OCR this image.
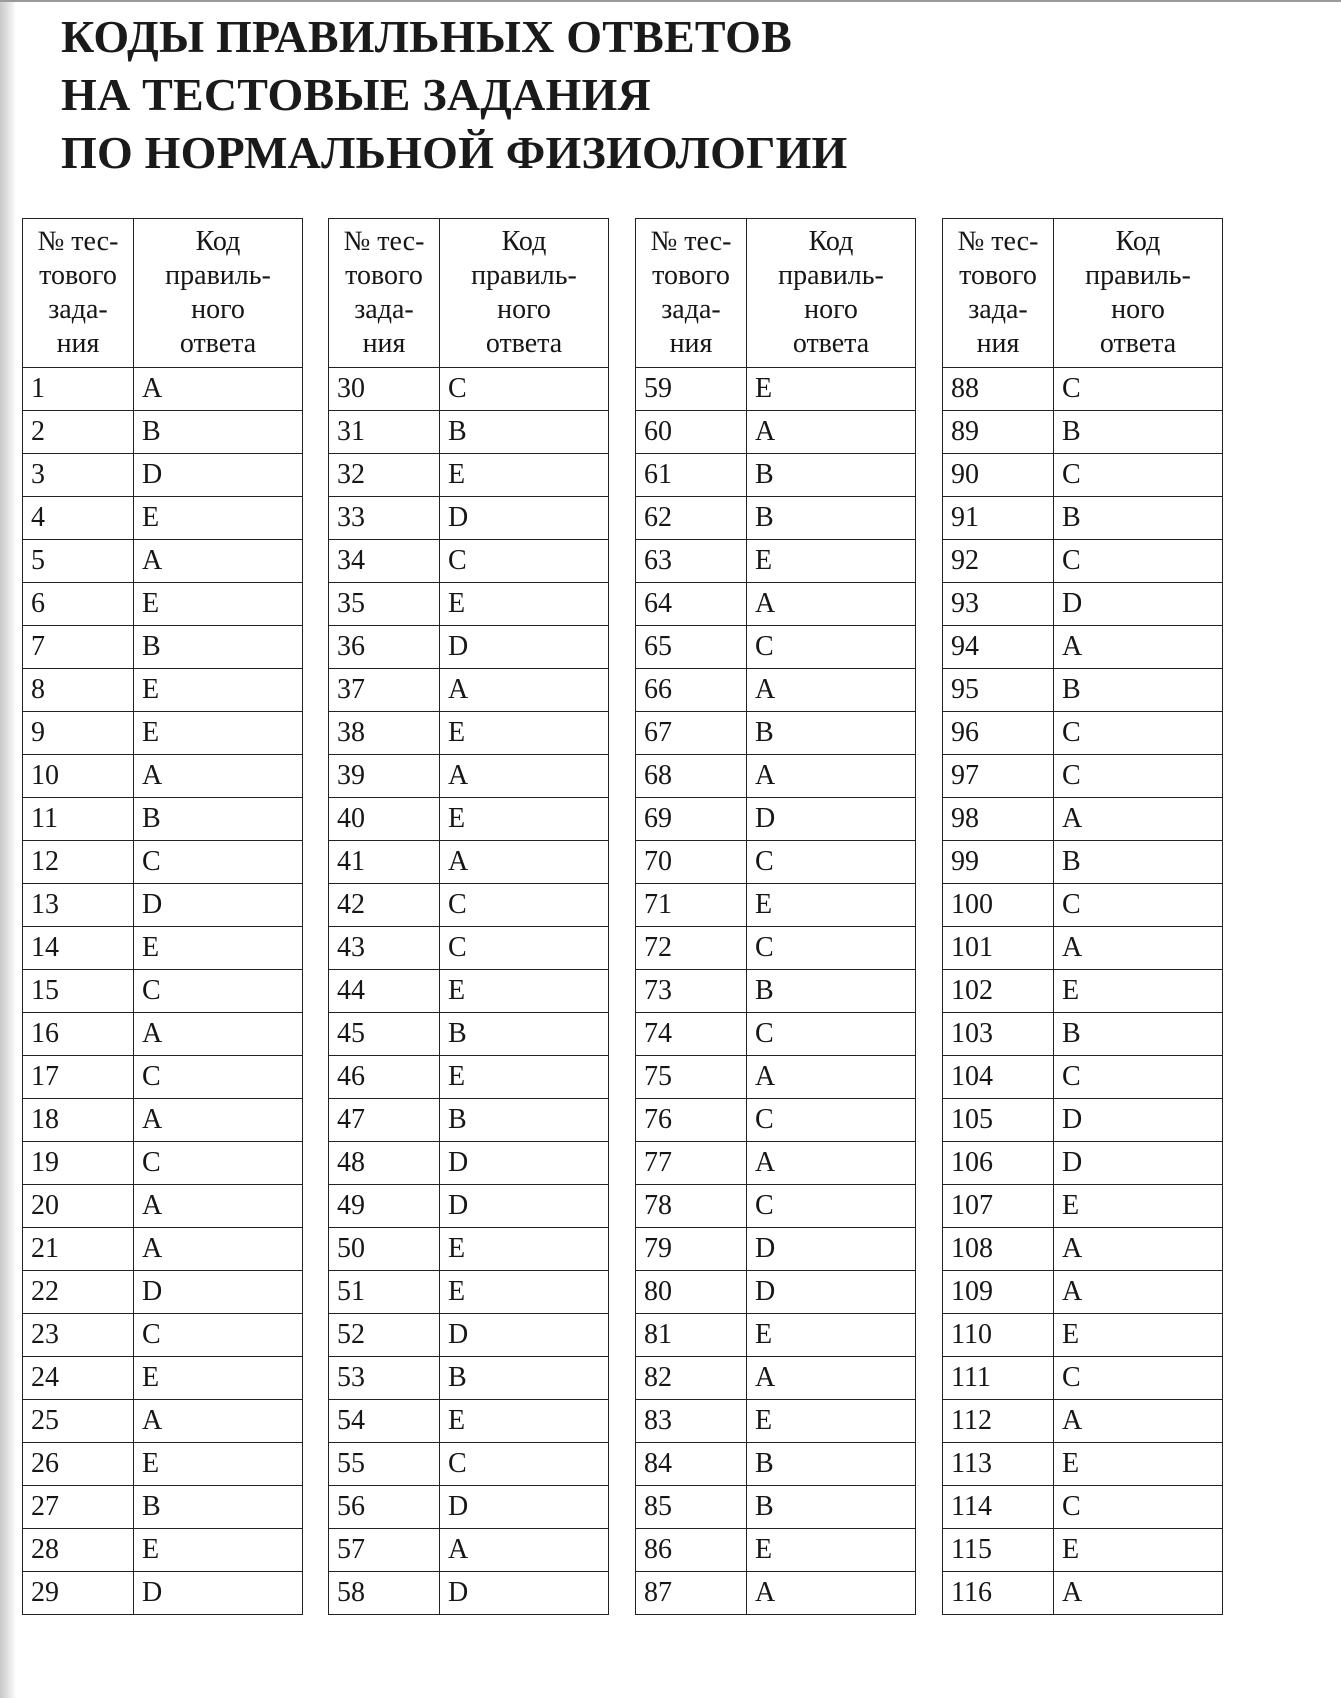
КОДЫ ПРАВИЛЬНЫХ ОТВЕТОВ
НА ТЕСТОВЫЕ ЗАДАНИЯ
ПО НОРМАЛЬНОЙ ФИЗИОЛОГИИ
№ тес-
тового
зада-
ния	Код
правиль-
ного
ответа
1	A
2	B
3	D
4	E
5	A
6	E
7	B
8	E
9	E
10	A
11	B
12	C
13	D
14	E
15	C
16	A
17	C
18	A
19	C
20	A
21	A
22	D
23	C
24	E
25	A
26	E
27	B
28	E
29	D
№ тес-
тового
зада-
ния	Код
правиль-
ного
ответа
30	C
31	B
32	E
33	D
34	C
35	E
36	D
37	A
38	E
39	A
40	E
41	A
42	C
43	C
44	E
45	B
46	E
47	B
48	D
49	D
50	E
51	E
52	D
53	B
54	E
55	C
56	D
57	A
58	D
№ тес-
тового
зада-
ния	Код
правиль-
ного
ответа
59	E
60	A
61	B
62	B
63	E
64	A
65	C
66	A
67	B
68	A
69	D
70	C
71	E
72	C
73	B
74	C
75	A
76	C
77	A
78	C
79	D
80	D
81	E
82	A
83	E
84	B
85	B
86	E
87	A
№ тес-
тового
зада-
ния	Код
правиль-
ного
ответа
88	C
89	B
90	C
91	B
92	C
93	D
94	A
95	B
96	C
97	C
98	A
99	B
100	C
101	A
102	E
103	B
104	C
105	D
106	D
107	E
108	A
109	A
110	E
111	C
112	A
113	E
114	C
115	E
116	A
